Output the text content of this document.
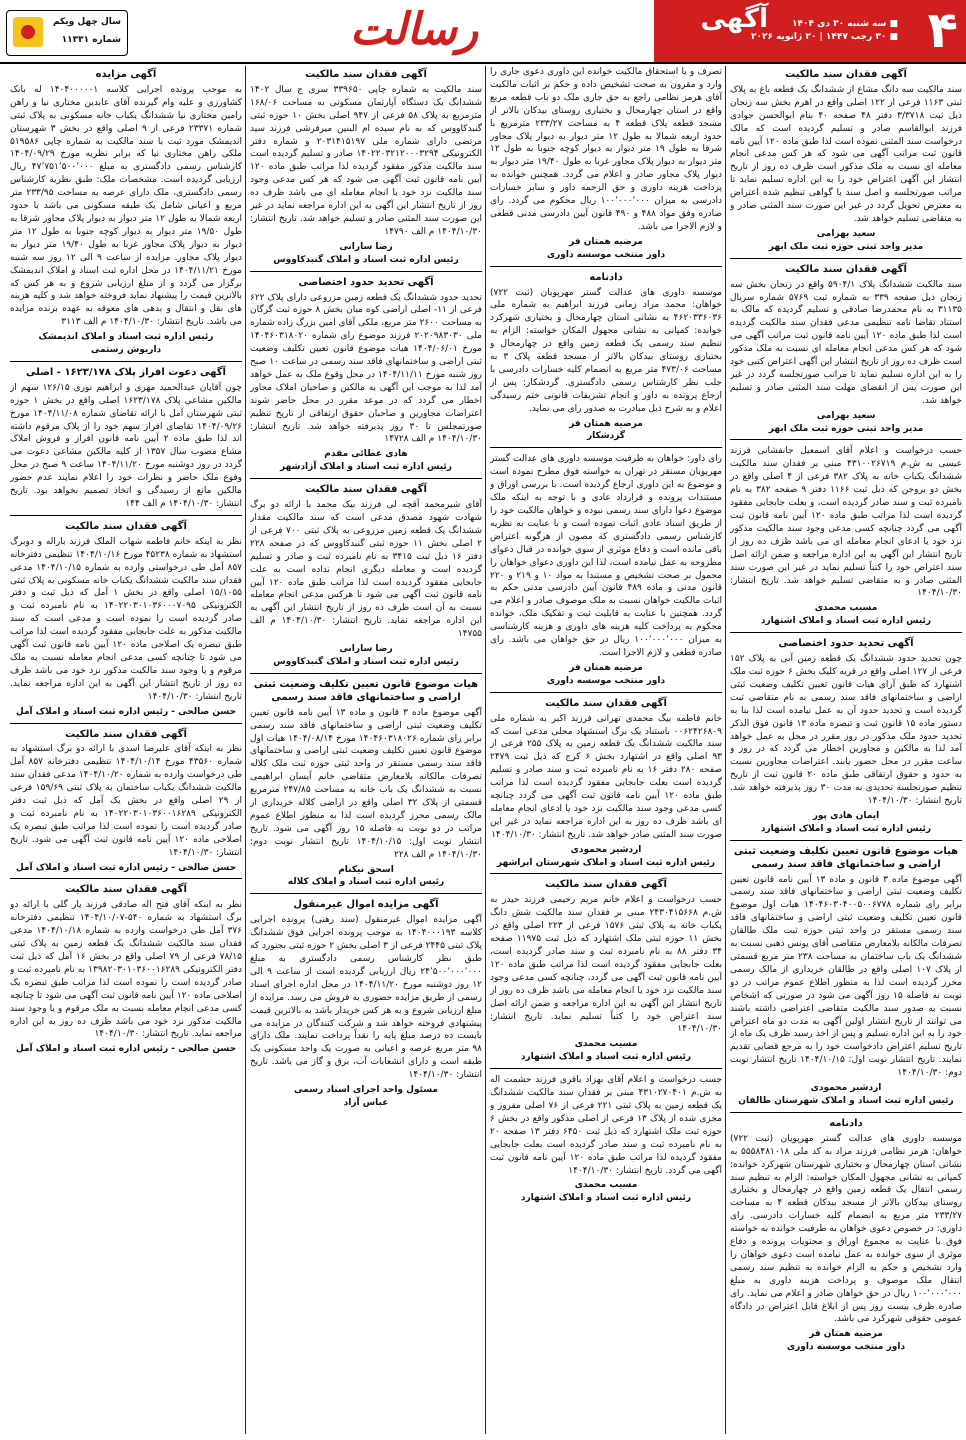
۴
■ سه شنبه ۳۰ دی ۱۴۰۴
■ ۳۰ رجب ۱۴۴۷ | ۲۰ ژانویه ۲۰۲۶
آگهی
رسالت
سال چهل ویکم
شماره ۱۱۳۳۱
آگهی فقدان سند مالکیت
سند مالکیت سه دانگ مشاع از ششدانگ یک قطعه باغ به پلاک ثبتی ۱۱۶۳ فرعی از ۱۲۲ اصلی واقع در اهرم بخش سه زنجان ذیل ثبت ۳/۳۷۱۸ دفتر ۴۸ صفحه ۴۰ بنام ابوالحسن جوادی فرزند ابوالقاسم صادر و تسلیم گردیده است که مالک درخواست سند المثنی نموده است لذا طبق ماده ۱۲۰ آیین نامه قانون ثبت مراتب آگهی می شود که هر کس مدعی انجام معامله ای نسبت به ملک مذکور است ظرف ده روز از تاریخ انتشار این آگهی اعتراض خود را به این اداره تسلیم نماید تا مراتب صورتجلسه و اصل سند یا گواهی تنظیم شده اعتراض به معترض تحویل گردد در غیر این صورت سند المثنی صادر و به متقاضی تسلیم خواهد شد.
سعید بهرامی
مدیر واحد ثبتی حوزه ثبت ملک ابهر
آگهی فقدان سند مالکیت
سند مالکیت ششدانگ پلاک ۵۹۰۴/۱ واقع در زنجان بخش سه زنجان ذیل صفحه ۳۳۹ به شماره ثبت ۵۷۶۹ شماره سریال ۳۱۱۳۵ به نام محمدرضا صادقی و تسلیم گردیده که مالک به استناد تقاضا نامه تنظیمی مدعی فقدان سند مالکیت گردیده است لذا طبق ماده ۱۲۰ آیین نامه قانون ثبت مراتب آگهی می شود که هر کس مدعی انجام معامله ای نسبت به ملک مذکور است ظرف ده روز از تاریخ انتشار این آگهی اعتراض کتبی خود را به این اداره تسلیم نماید تا مراتب صورتجلسه گردد در غیر این صورت پس از انقضای مهلت سند المثنی صادر و تسلیم خواهد شد.
سعید بهرامی
مدیر واحد ثبتی حوزه ثبت ملک ابهر
حسب درخواست و اعلام آقای اسمعیل جانفشانی فرزند عیسی به ش.م ۴۳۱۰۰۲۶۷۱۹ مبنی بر فقدان سند مالکیت ششدانگ یکباب خانه به پلاک ۳۸۲ فرعی از ۴ اصلی واقع در بخش دو بروجن که ذیل ثبت ۱۱۶۶ دفتر ۹ صفحه ۳۸۲ به نام نامبرده ثبت و سند صادر گردیده است، و بعلت جابجایی مفقود گردیده است لذا مراتب طبق ماده ۱۲۰ آیین نامه قانون ثبت آگهی می گردد چنانچه کسی مدعی وجود سند مالکیت مذکور نزد خود یا ادعای انجام معامله ای می باشد ظرف ده روز از تاریخ انتشار این آگهی به این اداره مراجعه و ضمن ارائه اصل سند اعتراض خود را کتباً تسلیم نماید در غیر این صورت سند المثنی صادر و به متقاضی تسلیم خواهد شد. تاریخ انتشار: ۱۴۰۴/۱۰/۳۰
مسیب محمدی
رئیس اداره ثبت اسناد و املاک اشتهارد
آگهی تحدید حدود اختصاصی
چون تحدید حدود ششدانگ یک قطعه زمین آبی به پلاک ۱۵۲ فرعی از ۱۲۷ اصلی واقع در قریه کلیک بخش ۶ حوزه ثبت ملک اشتهارد که طبق آرای هیات قانون تعیین تکلیف وضعیت ثبتی اراضی و ساختمانهای فاقد سند رسمی به نام متقاضی ثبت گردیده است و تحدید حدود آن به عمل نیامده است لذا بنا به دستور ماده ۱۵ قانون ثبت و تبصره ماده ۱۳ قانون فوق الذکر تحدید حدود ملک مذکور در روز مقرر در محل به عمل خواهد آمد لذا به مالکین و مجاورین اخطار می گردد که در روز و ساعت مقرر در محل حضور یابند. اعتراضات مجاورین نسبت به حدود و حقوق ارتفاقی طبق ماده ۲۰ قانون ثبت از تاریخ تنظیم صورتجلسه تحدیدی به مدت ۳۰ روز پذیرفته خواهد شد. تاریخ انتشار: ۱۴۰۴/۱۰/۳۰
ایمان هادی پور
رئیس اداره ثبت اسناد و املاک اشتهارد
هیات موضوع قانون تعیین تکلیف وضعیت ثبتی اراضی و ساختمانهای فاقد سند رسمی
آگهی موضوع ماده ۳ قانون و ماده ۱۳ آیین نامه قانون تعیین تکلیف وضعیت ثبتی اراضی و ساختمانهای فاقد سند رسمی برابر رای شماره ۱۴۰۴۶۰۳۰۴۰۰۵۰۰۶۷۷۸ هیات اول موضوع قانون تعیین تکلیف وضعیت ثبتی اراضی و ساختمانهای فاقد سند رسمی مستقر در واحد ثبتی حوزه ثبت ملک طالقان تصرفات مالکانه بلامعارض متقاضی آقای یونس ذهبی نسبت به ششدانگ یک باب ساختمان به مساحت ۲۳۸ متر مربع قسمتی از پلاک ۱۰۷ اصلی واقع در طالقان خریداری از مالک رسمی محرز گردیده است لذا به منظور اطلاع عموم مراتب در دو نوبت به فاصله ۱۵ روز آگهی می شود در صورتی که اشخاص نسبت به صدور سند مالکیت متقاضی اعتراضی داشته باشند می توانند از تاریخ انتشار اولین آگهی به مدت دو ماه اعتراض خود را به این اداره تسلیم و پس از اخذ رسید ظرف یک ماه از تاریخ تسلیم اعتراض دادخواست خود را به مرجع قضایی تقدیم نمایند. تاریخ انتشار نوبت اول: ۱۴۰۴/۱۰/۱۵ تاریخ انتشار نوبت دوم: ۱۴۰۴/۱۰/۳۰
اردشیر محمودی
رئیس اداره ثبت اسناد و املاک شهرستان طالقان
دادنامه
موسسه داوری های عدالت گستر مهرپویان (ثبت ۷۲۲) خواهان: هرمز نظامی فرزند مراد به کد ملی ۵۵۵۸۴۸۱۰۱۸ به نشانی استان چهارمحال و بختیاری شهرستان شهرکرد خوانده: کمپانی به نشانی مجهول المکان خواسته: الزام به تنظیم سند رسمی انتقال یک قطعه زمین واقع در چهارمحال و بختیاری روستای بیدکان بالاتر از مسجد بیدکان قطعه ۴ به مساحت ۲۳۳/۲۷ متر مربع به انضمام کلیه خسارات دادرسی. رای داوری: در خصوص دعوی خواهان به طرفیت خوانده به خواسته فوق با عنایت به مجموع اوراق و محتویات پرونده و دفاع موثری از سوی خوانده به عمل نیامده است دعوی خواهان را وارد تشخیص و حکم به الزام خوانده به تنظیم سند رسمی انتقال ملک موصوف و پرداخت هزینه داوری به مبلغ ۱۰۰٬۰۰۰٬۰۰۰ ریال در حق خواهان صادر و اعلام می نماید. رای صادره ظرف بیست روز پس از ابلاغ قابل اعتراض در دادگاه عمومی حقوقی شهرکرد می باشد.
مرضیه همتان فر
داور منتخب موسسه داوری
تصرف و یا استحقاق مالکیت خوانده این داوری دعوی جاری را وارد و مقرون به صحت تشخیص داده و حکم بر اثبات مالکیت آقای هرمز نظامی راجع به حق جاری ملک دو باب قطعه مربع واقع در استان چهارمحال و بختیاری روستای بیدکان بالاتر از مسجد قطعه پلاک قطعه ۴ به مساحت ۲۳۳/۲۷ مترمربع با حدود اربعه شمالا به طول ۱۲ متر دیوار به دیوار پلاک مجاور شرقا به طول ۱۹ متر دیوار به دیوار کوچه جنوبا به طول ۱۲ متر دیوار به دیوار پلاک مجاور غربا به طول ۱۹/۴۰ متر دیوار به دیوار پلاک مجاور صادر و اعلام می گردد. همچنین خوانده به پرداخت هزینه داوری و حق الزحمه داور و سایر خسارات دادرسی به میزان ۱۰۰٬۰۰۰٬۰۰۰ ریال محکوم می گردد. رای صادره وفق مواد ۴۸۸ و ۴۹۰ قانون آیین دادرسی مدنی قطعی و لازم الاجرا می باشد.
مرضیه همتان فر
داور منتخب موسسه داوری
دادنامه
موسسه داوری های عدالت گستر مهرپویان (ثبت ۷۲۲) خواهان: محمد مراد زمانی فرزند ابراهیم به شماره ملی ۴۶۲۰۳۳۶۰۳۶ به نشانی استان چهارمحال و بختیاری شهرکرد خوانده: کمپانی به نشانی مجهول المکان خواسته: الزام به تنظیم سند رسمی یک قطعه زمین واقع در چهارمحال و بختیاری روستای بیدکان بالاتر از مسجد قطعه پلاک ۳ به مساحت ۴۷۳/۰۶ متر مربع به انضمام کلیه خسارات دادرسی با جلب نظر کارشناس رسمی دادگستری. گردشکار: پس از ارجاع پرونده به داور و انجام تشریفات قانونی ختم رسیدگی اعلام و به شرح ذیل مبادرت به صدور رای می نماید.
مرضیه همتان فر
گردشکار
رای داور: خواهان به طرفیت موسسه داوری های عدالت گستر مهرپویان مستقر در تهران به خواسته فوق مطرح نموده است و موضوع به این داوری ارجاع گردیده است. با بررسی اوراق و مستندات پرونده و قرارداد عادی و با توجه به اینکه ملک موضوع دعوا دارای سند رسمی نبوده و خواهان مالکیت خود را از طریق اسناد عادی اثبات نموده است و با عنایت به نظریه کارشناس رسمی دادگستری که مصون از هرگونه اعتراض باقی مانده است و دفاع موثری از سوی خوانده در قبال دعوای مطروحه به عمل نیامده است، لذا این داوری دعوای خواهان را محمول بر صحت تشخیص و مستندا به مواد ۱۰ و ۲۱۹ و ۲۲۰ قانون مدنی و ماده ۴۸۹ قانون آیین دادرسی مدنی حکم به اثبات مالکیت خواهان نسبت به ملک موصوف صادر و اعلام می گردد. همچنین با عنایت به قابلیت ثبت و تفکیک ملک، خوانده محکوم به پرداخت کلیه هزینه های داوری و هزینه کارشناسی به میزان ۱۰۰٬۰۰۰٬۰۰۰ ریال در حق خواهان می باشد. رای صادره قطعی و لازم الاجرا است.
مرضیه همتان فر
داور منتخب موسسه داوری
آگهی فقدان سند مالکیت
خانم فاطمه بیگ محمدی تهرانی فرزند اکبر به شماره ملی ۰۰۶۲۴۲۶۸۰۹ باستناد یک برگ استشهاد محلی مدعی است که سند مالکیت ششدانگ یک قطعه زمین به پلاک ۲۵۵ فرعی از ۹۳ اصلی واقع در اشتهارد بخش ۶ کرج که ذیل ثبت ۲۴۷۹ صفحه ۲۸۰ دفتر ۱۶ به نام نامبرده ثبت و سند صادر و تسلیم گردیده است بعلت جابجایی مفقود گردیده است لذا مراتب طبق ماده ۱۲۰ آیین نامه قانون ثبت آگهی می گردد چنانچه کسی مدعی وجود سند مالکیت نزد خود یا ادعای انجام معامله ای باشد ظرف ده روز به این اداره مراجعه نماید در غیر این صورت سند المثنی صادر خواهد شد. تاریخ انتشار: ۱۴۰۴/۱۰/۳۰
اردشیر محمودی
رئیس اداره ثبت اسناد و املاک شهرستان ابراشهر
آگهی فقدان سند مالکیت
حسب درخواست و اعلام خانم مریم رحیمی فرزند حیدر به ش.م ۲۴۳۰۴۱۵۶۶۸ مبنی بر فقدان سند مالکیت شش دانگ یکباب خانه به پلاک ثبتی ۱۵۷۶ فرعی از ۲۲۳ اصلی واقع در بخش ۱۱ حوزه ثبتی ملک اشتهارد که ذیل ثبت ۱۱۹۷۵ صفحه ۳۴ دفتر ۸۸ به نام نامبرده ثبت و سند صادر گردیده است، بعلت جابجایی مفقود گردیده است لذا مراتب طبق ماده ۱۲۰ آیین نامه قانون ثبت آگهی می گردد، چنانچه کسی مدعی وجود سند مالکیت نزد خود یا انجام معامله می باشد ظرف ده روز از تاریخ انتشار این آگهی به این اداره مراجعه و ضمن ارائه اصل سند اعتراض خود را کتباً تسلیم نماید. تاریخ انتشار: ۱۴۰۴/۱۰/۳۰
مسیب محمدی
رئیس اداره ثبت اسناد و املاک اشتهارد
حسب درخواست و اعلام آقای بهزاد باقری فرزند حشمت اله به ش.م ۴۳۱۰۲۷۰۴۰۱ مبنی بر فقدان سند مالکیت ششدانگ یک قطعه زمین به پلاک ثبتی ۲۲۱ فرعی از ۷۶ اصلی مفروز و مجزی شده از پلاک ۱۳ فرعی از اصلی مذکور واقع در بخش ۶ حوزه ثبت ملک اشتهارد که ذیل ثبت ۶۴۵۰ دفتر ۱۳ صفحه ۲۰ به نام نامبرده ثبت و سند صادر گردیده است بعلت جابجایی مفقود گردیده لذا مراتب طبق ماده ۱۲۰ آیین نامه قانون ثبت آگهی می گردد. تاریخ انتشار: ۱۴۰۴/۱۰/۳۰
مسیب محمدی
رئیس اداره ثبت اسناد و املاک اشتهارد
آگهی فقدان سند مالکیت
سند مالکیت به شماره چاپی ۳۳۹۶۵۰ سری ج سال ۱۴۰۲ ششدانگ یک دستگاه آپارتمان مسکونی به مساحت ۱۶۸/۰۶ مترمربع به پلاک ۵۸ فرعی از ۹۴۷ اصلی بخش ۱۰ حوزه ثبتی گنبدکاووس که به نام سیده ام البنین میرفرشی فرزند سید مرتضی دارای شماره ملی ۲۰۳۱۴۱۵۱۹۷ و شماره دفتر الکترونیکی ۱۴۰۲۲۰۳۲۱۲۰۰۰۳۲۹۴ صادر و تسلیم گردیده است سند مالکیت مذکور مفقود گردیده لذا مراتب طبق ماده ۱۲۰ آیین نامه قانون ثبت آگهی می شود که هر کس مدعی وجود سند مالکیت نزد خود یا انجام معامله ای می باشد ظرف ده روز از تاریخ انتشار این آگهی به این اداره مراجعه نماید در غیر این صورت سند المثنی صادر و تسلیم خواهد شد. تاریخ انتشار: ۱۴۰۴/۱۰/۳۰ م الف ۱۴۷۹۰
رضا سارانی
رئیس اداره ثبت اسناد و املاک گنبدکاووس
آگهی تحدید حدود اختصاصی
تحدید حدود ششدانگ یک قطعه زمین مزروعی دارای پلاک ۶۲۲ فرعی از ۱۱- اصلی اراضی کوه مبان بخش ۸ حوزه ثبت گرگان به مساحت ۲۶۰۰ متر مربع، ملکی آقای امین بزرگ زاده شماره ملی ۲۰۲۰۹۸۳۰۳۰ فرزند موضوع رای شماره ۱۴۰۴۶۰۳۱۸۰۲۰ مورخ ۱۴۰۴/۰۶/۰۱ هیات موضوع قانون تعیین تکلیف وضعیت ثبتی اراضی و ساختمانهای فاقد سند رسمی در ساعت ۱۰ صبح روز شنبه مورخ ۱۴۰۴/۱۱/۱۱ در محل وقوع ملک به عمل خواهد آمد لذا به موجب این آگهی به مالکین و صاحبان املاک مجاور اخطار می گردد که در موعد مقرر در محل حاضر شوند اعتراضات مجاورین و صاحبان حقوق ارتفاقی از تاریخ تنظیم صورتمجلس تا ۳۰ روز پذیرفته خواهد شد. تاریخ انتشار: ۱۴۰۴/۱۰/۳۰ م الف ۱۴۷۲۸
هادی عطائی مقدم
رئیس اداره ثبت اسناد و املاک آزادشهر
آگهی فقدان سند مالکیت
آقای شیرمحمد آقچه لی فرزند بیک محمد با ارائه دو برگ شهادت شهود مصدق مدعی است که سند مالکیت مقدار ششدانگ یک قطعه زمین مزروعی به پلاک ثبتی ۷۰۰ فرعی از ۲ اصلی بخش ۱۱ حوزه ثبتی گنبدکاووس که در صفحه ۲۲۸ دفتر ۱۶ ذیل ثبت ۳۴۱۵ به نام نامبرده ثبت و صادر و تسلیم گردیده است و معامله دیگری انجام نداده است به علت جابجایی مفقود گردیده است لذا مراتب طبق ماده ۱۲۰ آیین نامه قانون ثبت آگهی می شود تا هرکس مدعی انجام معامله نسبت به آن است ظرف ده روز از تاریخ انتشار این آگهی به این اداره مراجعه نماید. تاریخ انتشار: ۱۴۰۴/۱۰/۳۰ م الف ۱۴۷۵۵
رضا سارانی
رئیس اداره ثبت اسناد و املاک گنبدکاووس
هیات موضوع قانون تعیین تکلیف وضعیت ثبتی اراضی و ساختمانهای فاقد سند رسمی
آگهی موضوع ماده ۳ قانون و ماده ۱۳ آیین نامه قانون تعیین تکلیف وضعیت ثبتی اراضی و ساختمانهای فاقد سند رسمی برابر رای شماره ۱۴۰۴۶۰۳۱۸۰۲۶ مورخ ۱۴۰۴/۰۸/۱۴ هیات اول موضوع قانون تعیین تکلیف وضعیت ثبتی اراضی و ساختمانهای فاقد سند رسمی مستقر در واحد ثبتی حوزه ثبت ملک کلاله تصرفات مالکانه بلامعارض متقاضی خانم آیسان ابراهیمی نسبت به ششدانگ یک باب خانه به مساحت ۲۴۷/۸۵ مترمربع قسمتی از پلاک ۳۲ اصلی واقع در اراضی کلاله خریداری از مالک رسمی محرز گردیده است لذا به منظور اطلاع عموم مراتب در دو نوبت به فاصله ۱۵ روز آگهی می شود. تاریخ انتشار نوبت اول: ۱۴۰۴/۱۰/۱۵ تاریخ انتشار نوبت دوم: ۱۴۰۴/۱۰/۳۰ م الف ۲۲۸
اسحق نیکنام
رئیس اداره ثبت اسناد و املاک کلاله
آگهی مزایده اموال غیرمنقول
آگهی مزایده اموال غیرمنقول (سند رهنی) پرونده اجرایی کلاسه ۱۴۰۴۰۰۰۱۹۳ به موجب پرونده اجرایی فوق ششدانگ پلاک ثبتی ۲۴۴۵ فرعی از ۳ اصلی بخش ۲ حوزه ثبتی بجنورد که طبق نظر کارشناس رسمی دادگستری به مبلغ ۲۴٬۵۰۰٬۰۰۰٬۰۰۰ ریال ارزیابی گردیده است از ساعت ۹ الی ۱۲ روز دوشنبه مورخ ۱۴۰۴/۱۱/۲۰ در محل اداره اجرای اسناد رسمی از طریق مزایده حضوری به فروش می رسد. مزایده از مبلغ ارزیابی شروع و به هر کس خریدار باشد به بالاترین قیمت پیشنهادی فروخته خواهد شد و شرکت کنندگان در مزایده می بایست ده درصد مبلغ پایه را نقداً پرداخت نمایند. ملک دارای ۹۸ متر مربع عرصه و اعیانی به صورت یک واحد مسکونی یک طبقه است و دارای انشعابات آب، برق و گاز می باشد. تاریخ انتشار: ۱۴۰۴/۱۰/۳۰
مسئول واحد اجرای اسناد رسمی
عباس آزاد
آگهی مزایده
به موجب پرونده اجرایی کلاسه ۱۴۰۴۰۰۰۰۰۱ له بانک کشاورزی و علیه وام گیرنده آقای عابدین مختاری نیا و راهن رامین مختاری نیا ششدانگ یکباب خانه مسکونی به پلاک ثبتی شماره ۲۳۳۷۱ فرعی از ۹ اصلی واقع در بخش ۳ شهرستان اندیمشک مورد ثبت با سند مالکیت به شماره چاپی ۵۱۹۵۸۶ ملکی راهن مختاری نیا که برابر نظریه مورخ ۱۴۰۴/۰۹/۲۹ کارشناس رسمی دادگستری به مبلغ ۴۷٬۷۵۱٬۵۰۰٬۰۰۰ ریال ارزیابی گردیده است. مشخصات ملک: طبق نظریه کارشناس رسمی دادگستری، ملک دارای عرصه به مساحت ۲۳۳/۹۵ متر مربع و اعیانی شامل یک طبقه مسکونی می باشد با حدود اربعه شمالا به طول ۱۲ متر دیوار به دیوار پلاک مجاور شرقا به طول ۱۹/۵۰ متر دیوار به دیوار کوچه جنوبا به طول ۱۲ متر دیوار به دیوار پلاک مجاور غربا به طول ۱۹/۴۰ متر دیوار به دیوار پلاک مجاور. مزایده از ساعت ۹ الی ۱۲ روز سه شنبه مورخ ۱۴۰۴/۱۱/۲۱ در محل اداره ثبت اسناد و املاک اندیمشک برگزار می گردد و از مبلغ ارزیابی شروع و به هر کس که بالاترین قیمت را پیشنهاد نماید فروخته خواهد شد و کلیه هزینه های نقل و انتقال و بدهی های معوقه به عهده برنده مزایده می باشد. تاریخ انتشار: ۱۴۰۴/۱۰/۳۰ م الف ۳۱۱۳
رئیس اداره ثبت اسناد و املاک اندیمشک
داریوش رستمی
آگهی دعوت افراز پلاک ۱۶۲۳/۱۷۸ - اصلی
چون آقایان عبدالحمید مهری و ابراهیم نوری ۱۲۶/۱۵ سهم از مالکین مشاعی پلاک ۱۶۲۳/۱۷۸ اصلی واقع در بخش ۱ حوزه ثبتی شهرستان آمل با ارائه تقاضای شماره ۱۴۰۴/۱۱/۰۸ مورخ ۱۴۰۴/۰۹/۲۶ تقاضای افراز سهم خود را از پلاک مرقوم داشته اند لذا طبق ماده ۲ آیین نامه قانون افراز و فروش املاک مشاع مصوب سال ۱۳۵۷ از کلیه مالکین مشاعی دعوت می گردد در روز دوشنبه مورخ ۱۴۰۴/۱۱/۲۰ ساعت ۹ صبح در محل وقوع ملک حاضر و نظرات خود را اعلام نمایند عدم حضور مالکین مانع از رسیدگی و اتخاذ تصمیم نخواهد بود. تاریخ انتشار: ۱۴۰۴/۱۰/۳۰ م الف ۱۴۴
آگهی فقدان سند مالکیت
نظر به اینکه خانم فاطمه شهاب الملک فرزند باراله و دوبرگ استشهاد به شماره ۴۵۲۳۸ مورخ ۱۴۰۴/۱۰/۱۶ تنظیمی دفترخانه ۸۵۷ آمل طی درخواستی وارده به شماره ۱۴۰۴/۱۰/۱۵ مدعی فقدان سند مالکیت ششدانگ یکباب خانه مسکونی به پلاک ثبتی ۱۵/۱۰۵۵ اصلی واقع در بخش ۱ آمل که ذیل ثبت و دفتر الکترونیکی ۱۴۰۲۲۰۳۰۱۰۳۶۰۰۰۷۰۹۵ به نام نامبرده ثبت و صادر گردیده است را نموده است و مدعی است که سند مالکیت مذکور به علت جابجایی مفقود گردیده است لذا مراتب طبق تبصره یک اصلاحی ماده ۱۲۰ آیین نامه قانون ثبت آگهی می شود تا چنانچه کسی مدعی انجام معامله نسبت به ملک مرقوم و یا وجود سند مالکیت مذکور نزد خود می باشد ظرف ده روز از تاریخ انتشار این آگهی به این اداره مراجعه نماید. تاریخ انتشار: ۱۴۰۴/۱۰/۳۰
حسن صالحی - رئیس اداره ثبت اسناد و املاک آمل
آگهی فقدان سند مالکیت
نظر به اینکه آقای علیرضا اسدی با ارائه دو برگ استشهاد به شماره ۴۳۵۶۰ مورخ ۱۴۰۴/۱۰/۱۴ تنظیمی دفترخانه ۸۵۷ آمل طی درخواست وارده به شماره ۱۴۰۴/۱۰/۲۰ مدعی فقدان سند مالکیت ششدانگ یکباب ساختمان به پلاک ثبتی ۱۵۹/۶۹ فرعی از ۲۹ اصلی واقع در بخش یک آمل که ذیل ثبت دفتر الکترونیکی ۱۴۰۲۲۰۳۰۱۰۳۶۰۰۱۶۲۸۹ به نام نامبرده ثبت و صادر گردیده است را نموده است لذا مراتب طبق تبصره یک اصلاحی ماده ۱۲۰ آیین نامه قانون ثبت آگهی می شود. تاریخ انتشار: ۱۴۰۴/۱۰/۳۰
حسن صالحی - رئیس اداره ثبت اسناد و املاک آمل
آگهی فقدان سند مالکیت
نظر به اینکه آقای فتح اله صادقی فرزند یار گلی با ارائه دو برگ استشهاد به شماره ۵۴۰-۱۴۰۴/۱۰/۰۷ تنظیمی دفترخانه ۳۷۶ آمل طی درخواست وارده به شماره ۱۴۰۴/۱۰/۱۸ مدعی فقدان سند مالکیت ششدانگ یک قطعه زمین به پلاک ثبتی ۷۸/۱۵ فرعی از ۷۹ اصلی واقع در بخش ۱۶ آمل که ذیل ثبت دفتر الکترونیکی ۱۳۹۸۲۰۳۰۱۰۳۶۰۰۱۶۲۸۹ به نام نامبرده ثبت و صادر گردیده است را نموده است لذا مراتب طبق تبصره یک اصلاحی ماده ۱۲۰ آیین نامه قانون ثبت آگهی می شود تا چنانچه کسی مدعی انجام معامله نسبت به ملک مرقوم و یا وجود سند مالکیت مذکور نزد خود می باشد ظرف ده روز به این اداره مراجعه نماید. تاریخ انتشار: ۱۴۰۴/۱۰/۳۰
حسن صالحی - رئیس اداره ثبت اسناد و املاک آمل
